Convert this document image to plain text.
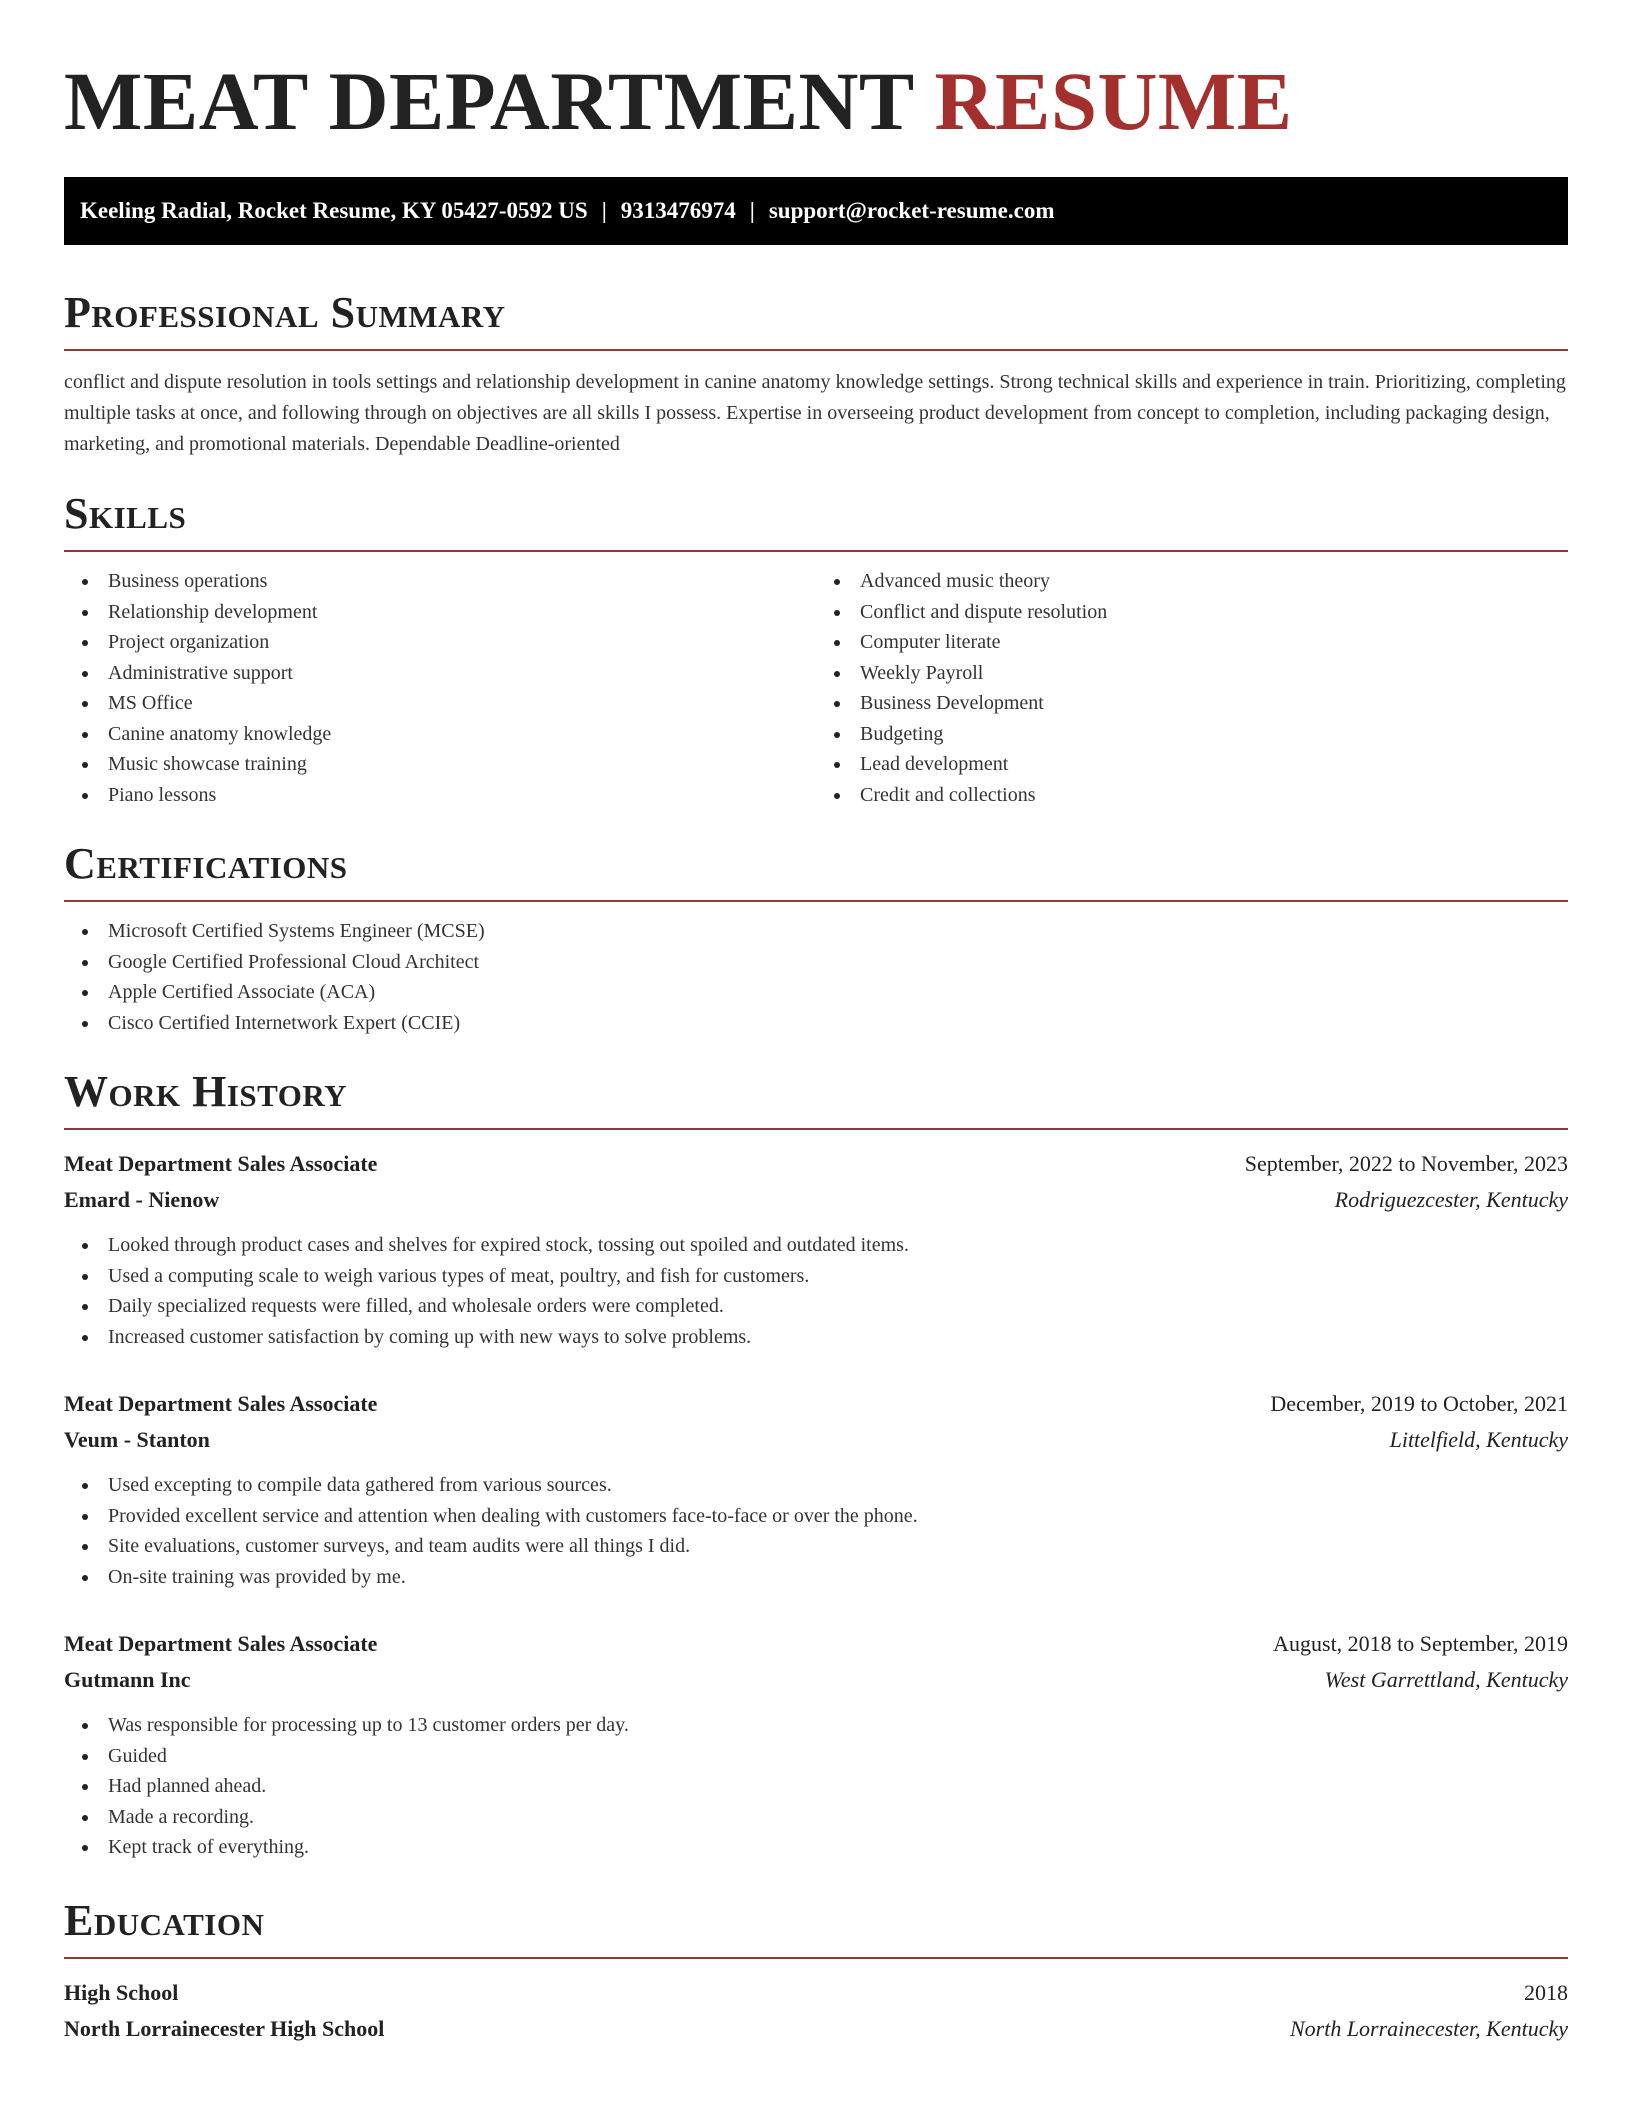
MEAT DEPARTMENT RESUME
Keeling Radial, Rocket Resume, KY 05427-0592 US | 9313476974 | support@rocket-resume.com
Professional Summary

conflict and dispute resolution in tools settings and relationship development in canine anatomy knowledge settings. Strong technical skills and experience in train. Prioritizing, completing multiple tasks at once, and following through on objectives are all skills I possess. Expertise in overseeing product development from concept to completion, including packaging design, marketing, and promotional materials. Dependable Deadline-oriented

Skills
Business operations
Relationship development
Project organization
Administrative support
MS Office
Canine anatomy knowledge
Music showcase training
Piano lessons
Advanced music theory
Conflict and dispute resolution
Computer literate
Weekly Payroll
Business Development
Budgeting
Lead development
Credit and collections
Certifications
Microsoft Certified Systems Engineer (MCSE)
Google Certified Professional Cloud Architect
Apple Certified Associate (ACA)
Cisco Certified Internetwork Expert (CCIE)
Work History
Meat Department Sales Associate	September, 2022 to November, 2023
Emard - Nienow	Rodriguezcester, Kentucky
Looked through product cases and shelves for expired stock, tossing out spoiled and outdated items.
Used a computing scale to weigh various types of meat, poultry, and fish for customers.
Daily specialized requests were filled, and wholesale orders were completed.
Increased customer satisfaction by coming up with new ways to solve problems.
Meat Department Sales Associate	December, 2019 to October, 2021
Veum - Stanton	Littelfield, Kentucky
Used excepting to compile data gathered from various sources.
Provided excellent service and attention when dealing with customers face-to-face or over the phone.
Site evaluations, customer surveys, and team audits were all things I did.
On-site training was provided by me.
Meat Department Sales Associate	August, 2018 to September, 2019
Gutmann Inc	West Garrettland, Kentucky
Was responsible for processing up to 13 customer orders per day.
Guided
Had planned ahead.
Made a recording.
Kept track of everything.
Education
High School	2018
North Lorrainecester High School	North Lorrainecester, Kentucky
